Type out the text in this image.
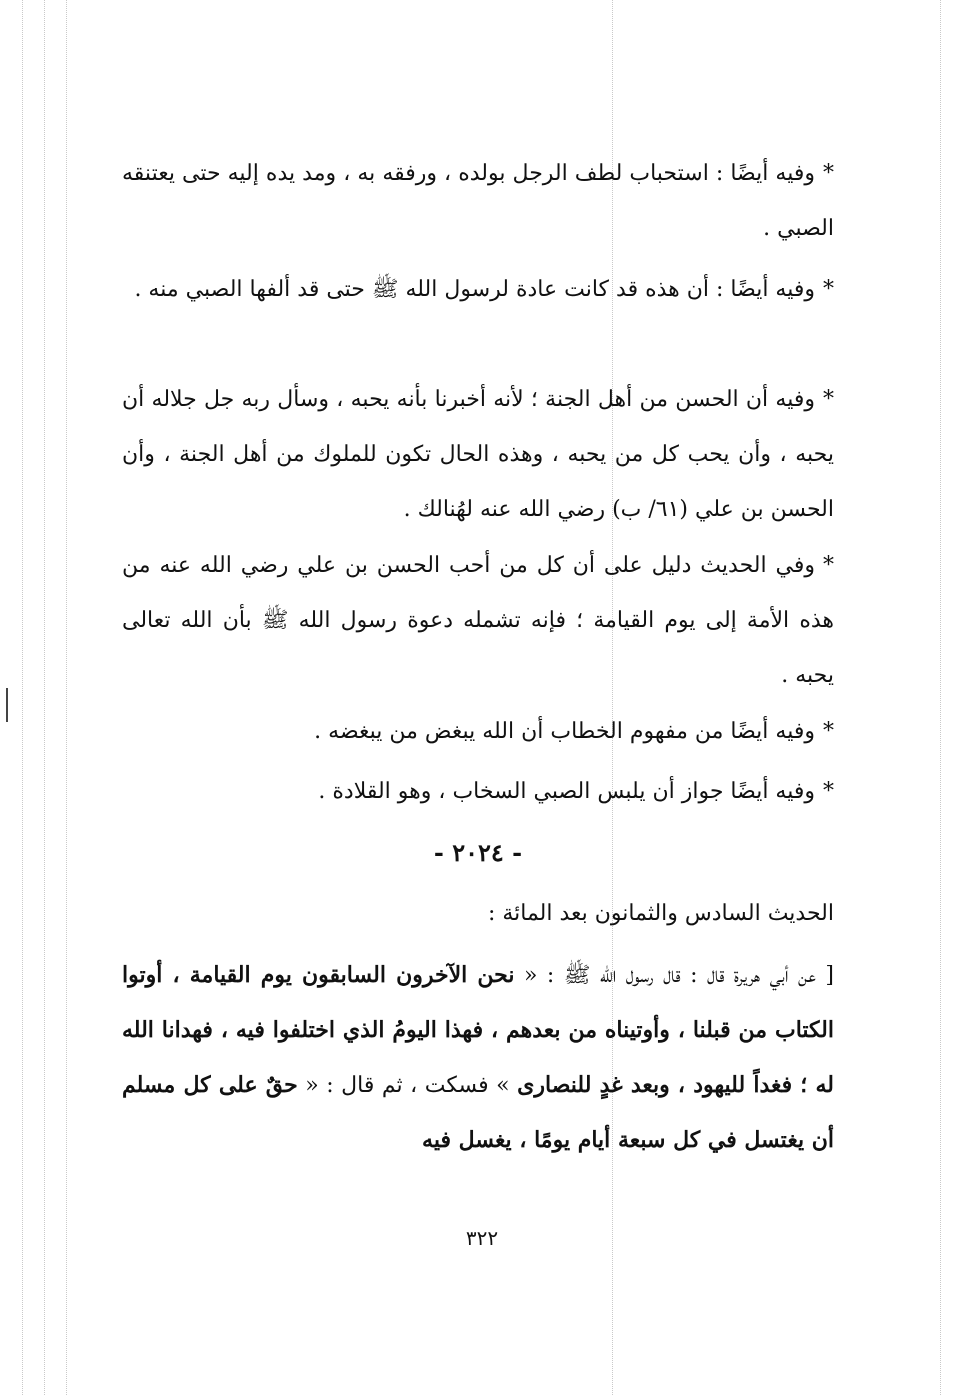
*وفيه أيضًا : استحباب لطف الرجل بولده ، ورفقه به ، ومد يده إليه حتى يعتنقه الصبي .

*وفيه أيضًا : أن هذه قد كانت عادة لرسول الله ﷺ حتى قد ألفها الصبي منه .

*وفيه أن الحسن من أهل الجنة ؛ لأنه أخبرنا بأنه يحبه ، وسأل ربه جل جلاله أن يحبه ، وأن يحب كل من يحبه ، وهذه الحال تكون للملوك من أهل الجنة ، وأن الحسن بن علي (٦١/ ب) رضي الله عنه لهُنالك .

*وفي الحديث دليل على أن كل من أحب الحسن بن علي رضي الله عنه من هذه الأمة إلى يوم القيامة ؛ فإنه تشمله دعوة رسول الله ﷺ بأن الله تعالى يحبه .

*وفيه أيضًا من مفهوم الخطاب أن الله يبغض من يبغضه .

*وفيه أيضًا جواز أن يلبس الصبي السخاب ، وهو القلادة .

- ٢٠٢٤ -
الحديث السادس والثمانون بعد المائة :

[ عن أبي هريرة قال : قال رسول الله ﷺ : « نحن الآخرون السابقون يوم القيامة ، أوتوا الكتاب من قبلنا ، وأوتيناه من بعدهم ، فهذا اليومُ الذي اختلفوا فيه ، فهدانا الله له ؛ فغداً لليهود ، وبعد غدٍ للنصارى » فسكت ، ثم قال : « حقٌ على كل مسلم أن يغتسل في كل سبعة أيام يومًا ، يغسل فيه

٣٢٢
